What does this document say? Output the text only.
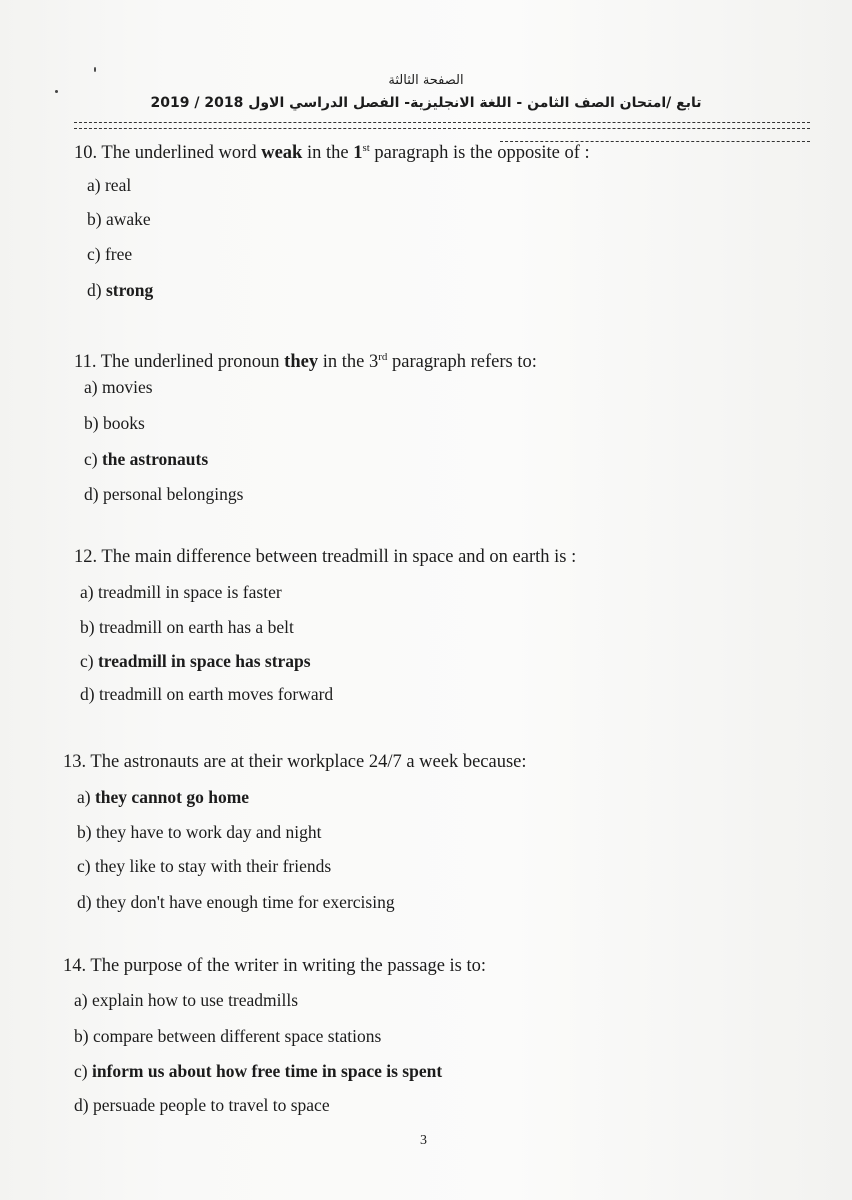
الصفحة الثالثة
تابع /امتحان الصف الثامن - اللغة الانجليزية- الفصل الدراسي الاول 2018 / 2019
10. The underlined word weak in the 1st paragraph is the opposite of :
a) real
b) awake
c) free
d) strong
11. The underlined pronoun they in the 3rd paragraph refers to:
a) movies
b) books
c) the astronauts
d) personal belongings
12. The main difference between treadmill in space and on earth is :
a) treadmill in space is faster
b) treadmill on earth has a belt
c) treadmill in space has straps
d) treadmill on earth moves forward
13. The astronauts are at their workplace 24/7 a week because:
a) they cannot go home
b) they have to work day and night
c) they like to stay with their friends
d) they don't have enough time for exercising
14. The purpose of the writer in writing the passage is to:
a) explain how to use treadmills
b) compare between different space stations
c) inform us about how free time in space is spent
d) persuade people to travel to space
3
